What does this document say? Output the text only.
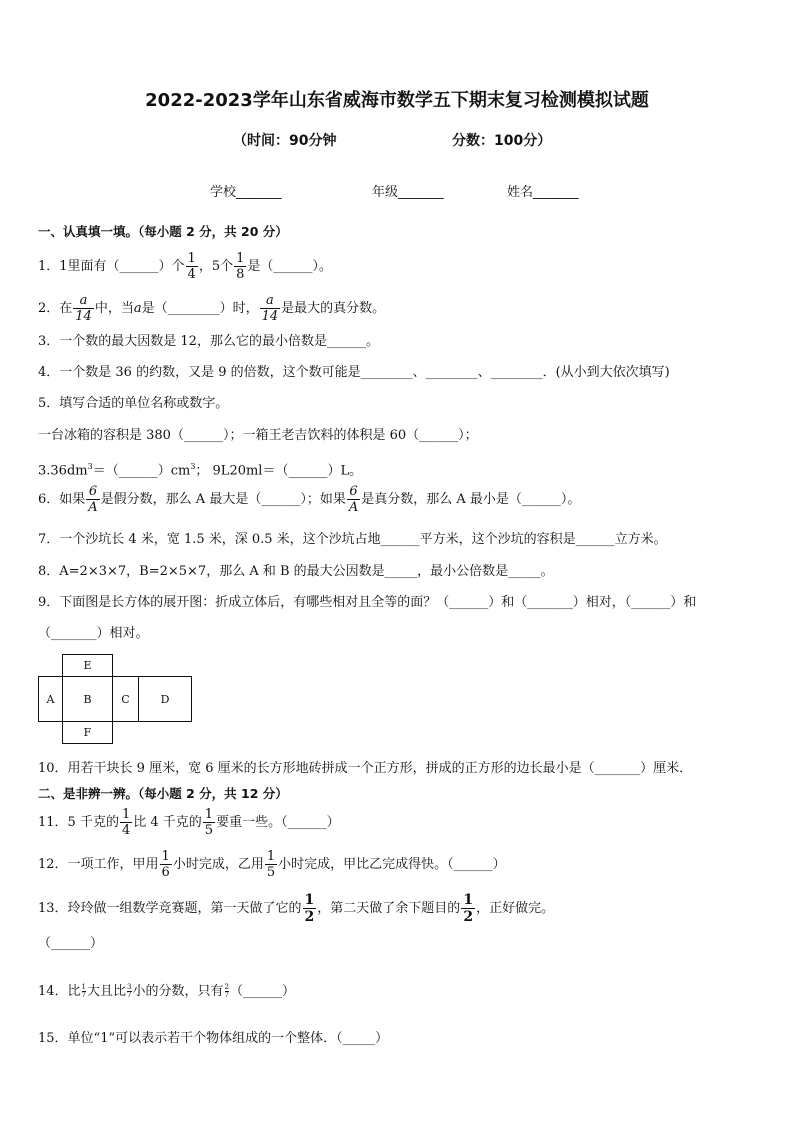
2022-2023学年山东省威海市数学五下期末复习检测模拟试题
（时间：90分钟	分数：100分）
学校_______	年级_______	姓名_______
一、认真填一填。（每小题 2 分，共 20 分）
1．1里面有（______）个 $\frac{1}{4}$ ，5个 $\frac{1}{8}$ 是（______）。
2．在 $\frac{a}{14}$ 中，当a是（________）时， $\frac{a}{14}$ 是最大的真分数。
3．一个数的最大因数是 12，那么它的最小倍数是______。
4．一个数是 36 的约数，又是 9 的倍数，这个数可能是________、________、________．(从小到大依次填写)
5．填写合适的单位名称或数字。
一台冰箱的容积是 380（______）；一箱王老吉饮料的体积是 60（______）；
$3.36dm^3=(\_\_\_\_\_\_)cm^3$； 9L20ml＝（______）L。
6．如果 $\frac{6}{A}$ 是假分数，那么 A 最大是（______）；如果 $\frac{6}{A}$ 是真分数，那么 A 最小是（______）。
7．一个沙坑长 4 米，宽 1.5 米，深 0.5 米，这个沙坑占地______平方米，这个沙坑的容积是______立方米。
8．A=2×3×7，B=2×5×7，那么 A 和 B 的最大公因数是_____，最小公倍数是_____。
9．下面图是长方体的展开图：折成立体后，有哪些相对且全等的面？（______）和（_______）相对，（______）和
（_______）相对。
E
A	B	C	D
F
10．用若干块长 9 厘米，宽 6 厘米的长方形地砖拼成一个正方形，拼成的正方形的边长最小是（_______）厘米．
二、是非辨一辨。（每小题 2 分，共 12 分）
11．5 千克的 $\frac{1}{4}$ 比 4 千克的 $\frac{1}{5}$ 要重一些。（______）
12．一项工作，甲用 $\frac{1}{6}$ 小时完成，乙用 $\frac{1}{5}$ 小时完成，甲比乙完成得快。（______）
13．玲玲做一组数学竞赛题，第一天做了它的 $\frac{1}{2}$ ，第二天做了余下题目的 $\frac{1}{2}$ ，正好做完。
（______）
14．比 $\frac{1}{7}$ 大且比 $\frac{3}{7}$ 小的分数，只有 $\frac{2}{7}$ （______）
15．单位“1”可以表示若干个物体组成的一个整体．（_____）
